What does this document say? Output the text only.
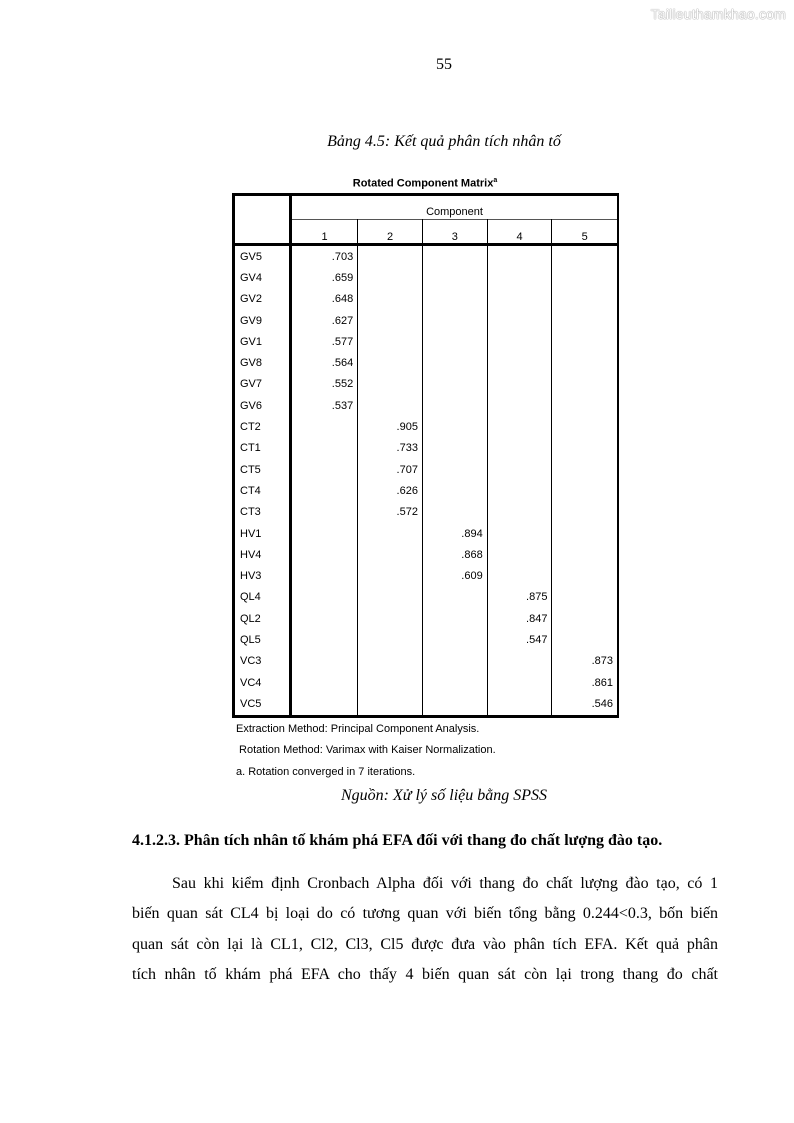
Tailieuthamkhao.com
55
Bảng 4.5: Kết quả phân tích nhân tố
Rotated Component Matrix$^a$
	Component				
	1	2	3	4	5
GV5	.703				
GV4	.659				
GV2	.648				
GV9	.627				
GV1	.577				
GV8	.564				
GV7	.552				
GV6	.537				
CT2		.905			
CT1		.733			
CT5		.707			
CT4		.626			
CT3		.572			
HV1			.894		
HV4			.868		
HV3			.609		
QL4				.875	
QL2				.847	
QL5				.547	
VC3					.873
VC4					.861
VC5					.546
Extraction Method: Principal Component Analysis.
Rotation Method: Varimax with Kaiser Normalization.
a. Rotation converged in 7 iterations.
Nguồn: Xử lý số liệu bằng SPSS
4.1.2.3. Phân tích nhân tố khám phá EFA đối với thang đo chất lượng đào tạo.
Sau khi kiểm định Cronbach Alpha đối với thang đo chất lượng đào tạo, có 1
biến quan sát CL4 bị loại do có tương quan với biến tổng bằng 0.244<0.3, bốn biến
quan sát còn lại là CL1, Cl2, Cl3, Cl5 được đưa vào phân tích EFA. Kết quả phân
tích nhân tố khám phá EFA cho thấy 4 biến quan sát còn lại trong thang đo chất
